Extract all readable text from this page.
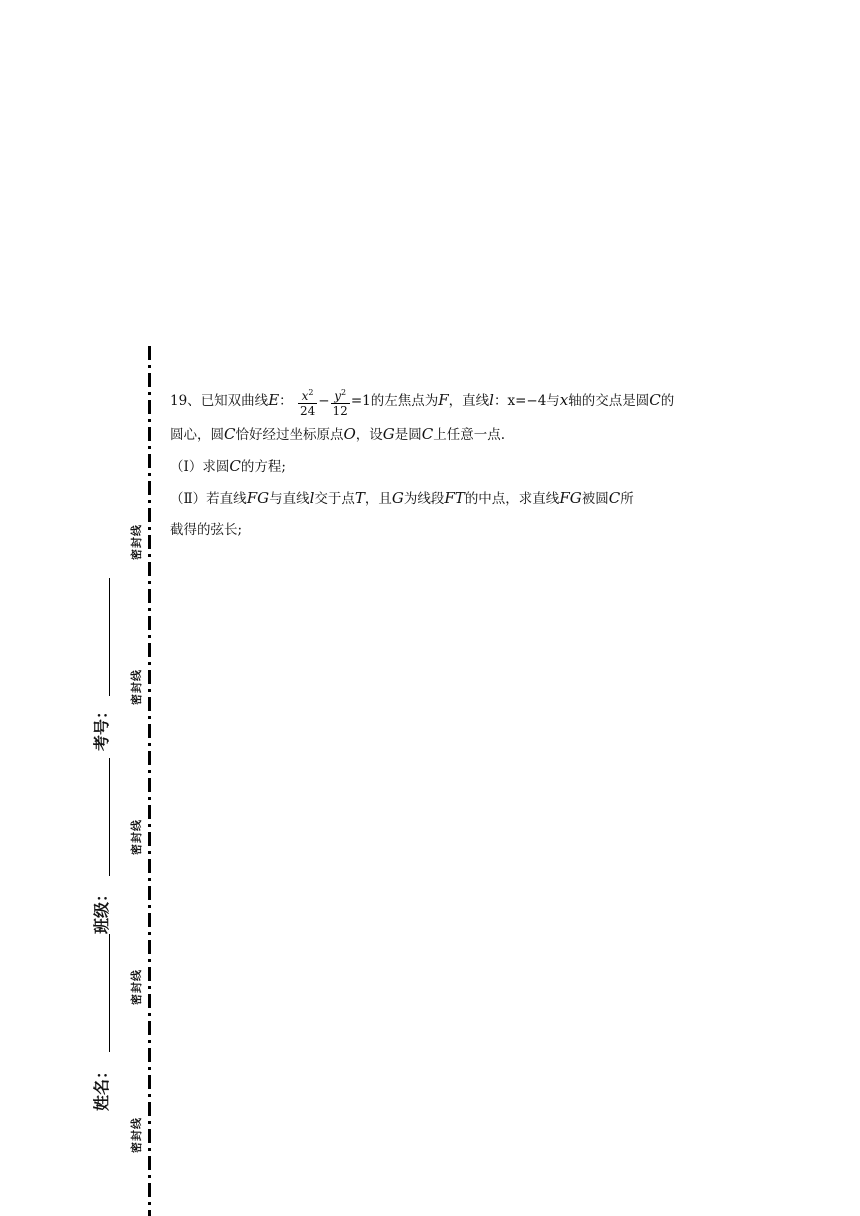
密封线
密封线
密封线
密封线
密封线
考号：
班级：
姓名：
19、已知双曲线E： $\frac{x^2}{24} - \frac{y^2}{12} =1$的左焦点为F，直线l：x=−4与x轴的交点是圆C的
圆心，圆C恰好经过坐标原点O，设G是圆C上任意一点.
（Ⅰ）求圆C的方程;
（Ⅱ）若直线FG与直线l交于点T，且G为线段FT的中点，求直线FG被圆C所
截得的弦长;
